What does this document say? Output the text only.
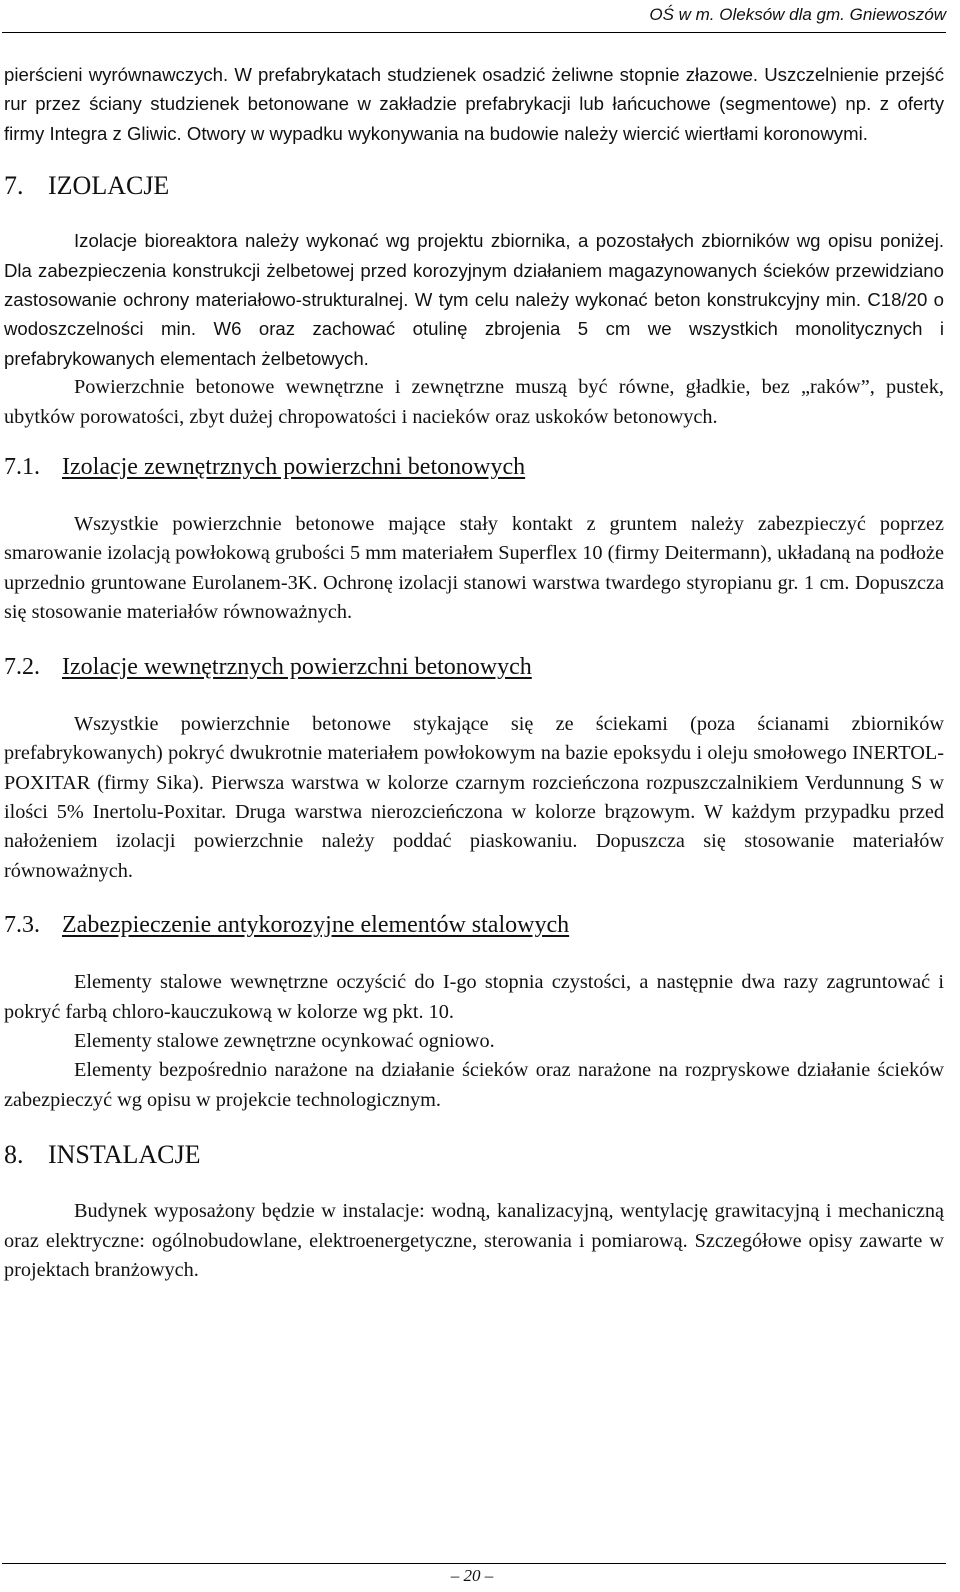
OŚ w m. Oleksów dla gm. Gniewoszów

pierścieni wyrównawczych. W prefabrykatach studzienek osadzić żeliwne stopnie złazowe. Uszczelnienie przejść rur przez ściany studzienek betonowane w zakładzie prefabrykacji lub łańcuchowe (segmentowe) np. z oferty firmy Integra z Gliwic. Otwory w wypadku wykonywania na budowie należy wiercić wiertłami koronowymi.

7. IZOLACJE

Izolacje bioreaktora należy wykonać wg projektu zbiornika, a pozostałych zbiorników wg opisu poniżej. Dla zabezpieczenia konstrukcji żelbetowej przed korozyjnym działaniem magazynowanych ścieków przewidziano zastosowanie ochrony materiałowo-strukturalnej. W tym celu należy wykonać beton konstrukcyjny min. C18/20 o wodoszczelności min. W6 oraz zachować otulinę zbrojenia 5 cm we wszystkich monolitycznych i prefabrykowanych elementach żelbetowych.

Powierzchnie betonowe wewnętrzne i zewnętrzne muszą być równe, gładkie, bez „raków”, pustek, ubytków porowatości, zbyt dużej chropowatości i nacieków oraz uskoków betonowych.

7.1. Izolacje zewnętrznych powierzchni betonowych

Wszystkie powierzchnie betonowe mające stały kontakt z gruntem należy zabezpieczyć poprzez smarowanie izolacją powłokową grubości 5 mm materiałem Superflex 10 (firmy Deitermann), układaną na podłoże uprzednio gruntowane Eurolanem-3K. Ochronę izolacji stanowi warstwa twardego styropianu gr. 1 cm. Dopuszcza się stosowanie materiałów równoważnych.

7.2. Izolacje wewnętrznych powierzchni betonowych

Wszystkie powierzchnie betonowe stykające się ze ściekami (poza ścianami zbiorników prefabrykowanych) pokryć dwukrotnie materiałem powłokowym na bazie epoksydu i oleju smołowego INERTOL-POXITAR (firmy Sika). Pierwsza warstwa w kolorze czarnym rozcieńczona rozpuszczalnikiem Verdunnung S w ilości 5% Inertolu-Poxitar. Druga warstwa nierozcieńczona w kolorze brązowym. W każdym przypadku przed nałożeniem izolacji powierzchnie należy poddać piaskowaniu. Dopuszcza się stosowanie materiałów równoważnych.

7.3. Zabezpieczenie antykorozyjne elementów stalowych

Elementy stalowe wewnętrzne oczyścić do I-go stopnia czystości, a następnie dwa razy zagruntować i pokryć farbą chloro-kauczukową w kolorze wg pkt. 10.

Elementy stalowe zewnętrzne ocynkować ogniowo.

Elementy bezpośrednio narażone na działanie ścieków oraz narażone na rozpryskowe działanie ścieków zabezpieczyć wg opisu w projekcie technologicznym.

8. INSTALACJE

Budynek wyposażony będzie w instalacje: wodną, kanalizacyjną, wentylację grawitacyjną i mechaniczną oraz elektryczne: ogólnobudowlane, elektroenergetyczne, sterowania i pomiarową. Szczegółowe opisy zawarte w projektach branżowych.

– 20 –
